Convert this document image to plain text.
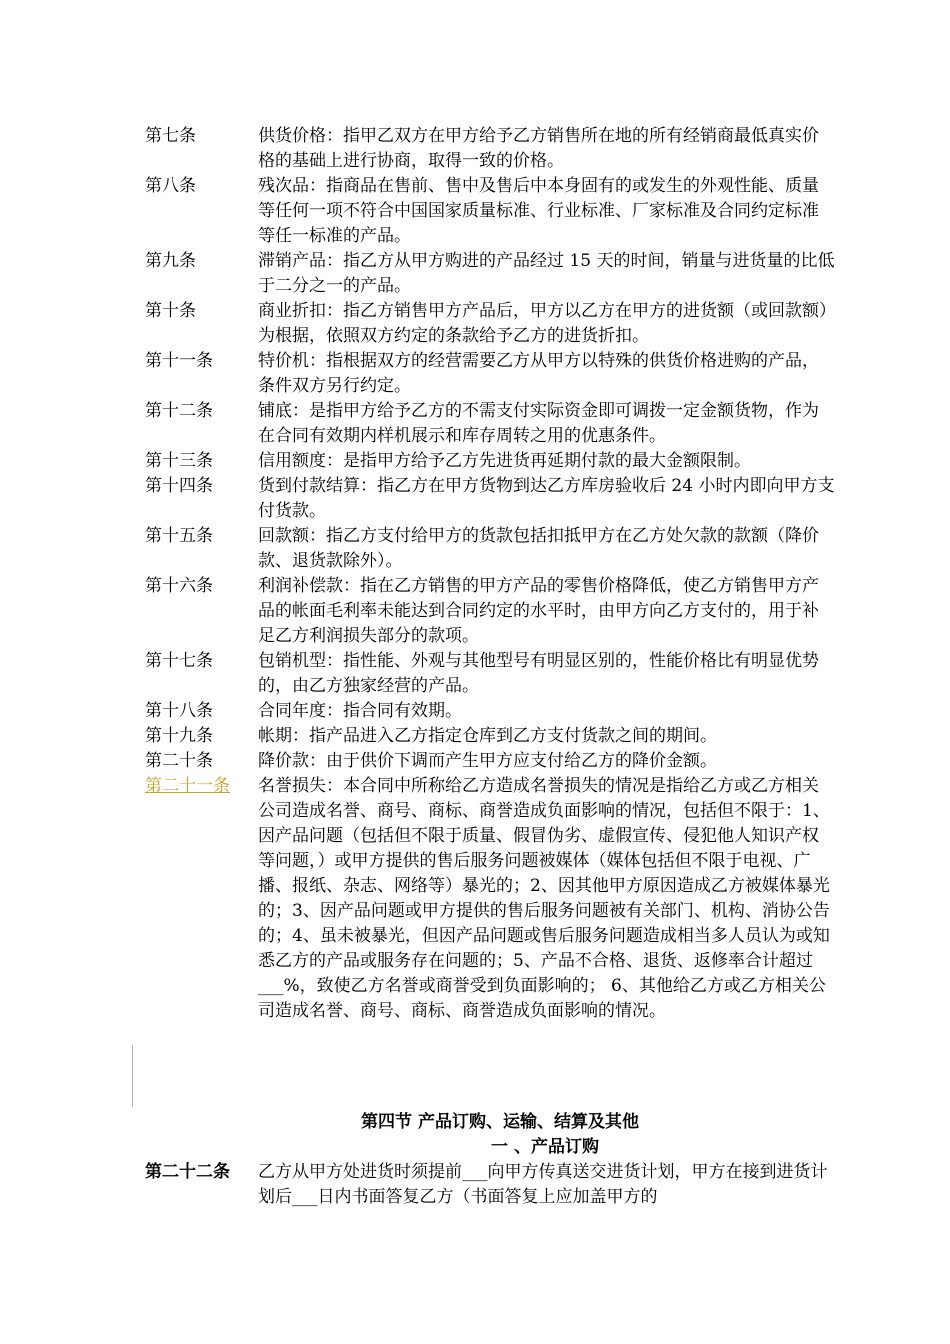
第七条	供货价格：指甲乙双方在甲方给予乙方销售所在地的所有经销商最低真实价格的基础上进行协商，取得一致的价格。
第八条	残次品：指商品在售前、售中及售后中本身固有的或发生的外观性能、质量等任何一项不符合中国国家质量标准、行业标准、厂家标准及合同约定标准等任一标准的产品。
第九条	滞销产品：指乙方从甲方购进的产品经过 15 天的时间，销量与进货量的比低于二分之一的产品。
第十条	商业折扣：指乙方销售甲方产品后，甲方以乙方在甲方的进货额（或回款额）为根据，依照双方约定的条款给予乙方的进货折扣。
第十一条	特价机：指根据双方的经营需要乙方从甲方以特殊的供货价格进购的产品，条件双方另行约定。
第十二条	铺底：是指甲方给予乙方的不需支付实际资金即可调拨一定金额货物，作为在合同有效期内样机展示和库存周转之用的优惠条件。
第十三条	信用额度：是指甲方给予乙方先进货再延期付款的最大金额限制。
第十四条	货到付款结算：指乙方在甲方货物到达乙方库房验收后 24 小时内即向甲方支付货款。
第十五条	回款额：指乙方支付给甲方的货款包括扣抵甲方在乙方处欠款的款额（降价款、退货款除外）。
第十六条	利润补偿款：指在乙方销售的甲方产品的零售价格降低，使乙方销售甲方产品的帐面毛利率未能达到合同约定的水平时，由甲方向乙方支付的，用于补足乙方利润损失部分的款项。
第十七条	包销机型：指性能、外观与其他型号有明显区别的，性能价格比有明显优势的，由乙方独家经营的产品。
第十八条	合同年度：指合同有效期。
第十九条	帐期：指产品进入乙方指定仓库到乙方支付货款之间的期间。
第二十条	降价款：由于供价下调而产生甲方应支付给乙方的降价金额。
第二十一条	名誉损失：本合同中所称给乙方造成名誉损失的情况是指给乙方或乙方相关公司造成名誉、商号、商标、商誉造成负面影响的情况，包括但不限于：1、因产品问题（包括但不限于质量、假冒伪劣、虚假宣传、侵犯他人知识产权等问题，）或甲方提供的售后服务问题被媒体（媒体包括但不限于电视、广播、报纸、杂志、网络等）暴光的；2、因其他甲方原因造成乙方被媒体暴光的；3、因产品问题或甲方提供的售后服务问题被有关部门、机构、消协公告的；4、虽未被暴光，但因产品问题或售后服务问题造成相当多人员认为或知悉乙方的产品或服务存在问题的；5、产品不合格、退货、返修率合计超过___%，致使乙方名誉或商誉受到负面影响的； 6、其他给乙方或乙方相关公司造成名誉、商号、商标、商誉造成负面影响的情况。
第四节 产品订购、运输、结算及其他
一 、产品订购
第二十二条	乙方从甲方处进货时须提前___向甲方传真送交进货计划，甲方在接到进货计划后___日内书面答复乙方（书面答复上应加盖甲方的
